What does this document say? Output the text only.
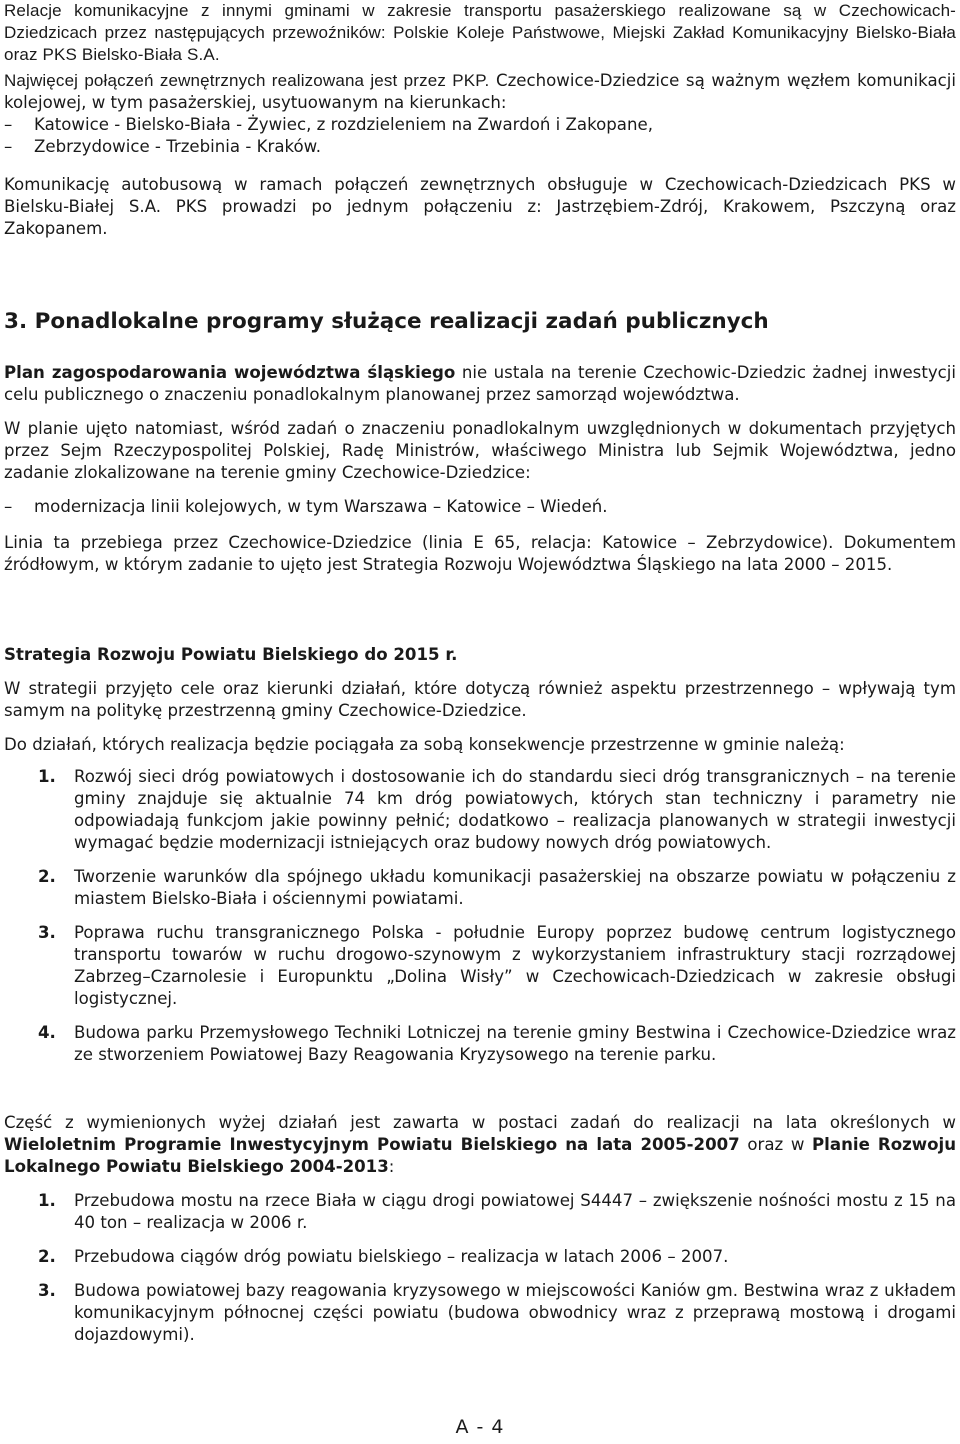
Relacje komunikacyjne z innymi gminami w zakresie transportu pasażerskiego realizowane są w Czechowicach-Dziedzicach przez następujących przewoźników: Polskie Koleje Państwowe, Miejski Zakład Komunikacyjny Bielsko-Biała oraz PKS Bielsko-Biała S.A.

Najwięcej połączeń zewnętrznych realizowana jest przez PKP. Czechowice-Dziedzice są ważnym węzłem komunikacji kolejowej, w tym pasażerskiej, usytuowanym na kierunkach:

–	Katowice - Bielsko-Biała - Żywiec, z rozdzieleniem na Zwardoń i Zakopane,
–	Zebrzydowice - Trzebinia - Kraków.

Komunikację autobusową w ramach połączeń zewnętrznych obsługuje w Czechowicach-Dziedzicach PKS w Bielsku-Białej S.A. PKS prowadzi po jednym połączeniu z: Jastrzębiem-Zdrój, Krakowem, Pszczyną oraz Zakopanem.

3. Ponadlokalne programy służące realizacji zadań publicznych

Plan zagospodarowania województwa śląskiego nie ustala na terenie Czechowic-Dziedzic żadnej inwestycji celu publicznego o znaczeniu ponadlokalnym planowanej przez samorząd województwa.

W planie ujęto natomiast, wśród zadań o znaczeniu ponadlokalnym uwzględnionych w dokumentach przyjętych przez Sejm Rzeczypospolitej Polskiej, Radę Ministrów, właściwego Ministra lub Sejmik Województwa, jedno zadanie zlokalizowane na terenie gminy Czechowice-Dziedzice:

–	modernizacja linii kolejowych, w tym Warszawa – Katowice – Wiedeń.

Linia ta przebiega przez Czechowice-Dziedzice (linia E 65, relacja: Katowice – Zebrzydowice). Dokumentem źródłowym, w którym zadanie to ujęto jest Strategia Rozwoju Województwa Śląskiego na lata 2000 – 2015.

Strategia Rozwoju Powiatu Bielskiego do 2015 r.

W strategii przyjęto cele oraz kierunki działań, które dotyczą również aspektu przestrzennego – wpływają tym samym na politykę przestrzenną gminy Czechowice-Dziedzice.

Do działań, których realizacja będzie pociągała za sobą konsekwencje przestrzenne w gminie należą:

1. Rozwój sieci dróg powiatowych i dostosowanie ich do standardu sieci dróg transgranicznych – na terenie gminy znajduje się aktualnie 74 km dróg powiatowych, których stan techniczny i parametry nie odpowiadają funkcjom jakie powinny pełnić; dodatkowo – realizacja planowanych w strategii inwestycji wymagać będzie modernizacji istniejących oraz budowy nowych dróg powiatowych.
2. Tworzenie warunków dla spójnego układu komunikacji pasażerskiej na obszarze powiatu w połączeniu z miastem Bielsko-Biała i ościennymi powiatami.
3. Poprawa ruchu transgranicznego Polska - południe Europy poprzez budowę centrum logistycznego transportu towarów w ruchu drogowo-szynowym z wykorzystaniem infrastruktury stacji rozrządowej Zabrzeg–Czarnolesie i Europunktu „Dolina Wisły” w Czechowicach-Dziedzicach w zakresie obsługi logistycznej.
4. Budowa parku Przemysłowego Techniki Lotniczej na terenie gminy Bestwina i Czechowice-Dziedzice wraz ze stworzeniem Powiatowej Bazy Reagowania Kryzysowego na terenie parku.

Część z wymienionych wyżej działań jest zawarta w postaci zadań do realizacji na lata określonych w Wieloletnim Programie Inwestycyjnym Powiatu Bielskiego na lata 2005-2007 oraz w Planie Rozwoju Lokalnego Powiatu Bielskiego 2004-2013:

1. Przebudowa mostu na rzece Biała w ciągu drogi powiatowej S4447 – zwiększenie nośności mostu z 15 na 40 ton – realizacja w 2006 r.
2. Przebudowa ciągów dróg powiatu bielskiego – realizacja w latach 2006 – 2007.
3. Budowa powiatowej bazy reagowania kryzysowego w miejscowości Kaniów gm. Bestwina wraz z układem komunikacyjnym północnej części powiatu (budowa obwodnicy wraz z przeprawą mostową i drogami dojazdowymi).
A - 4
